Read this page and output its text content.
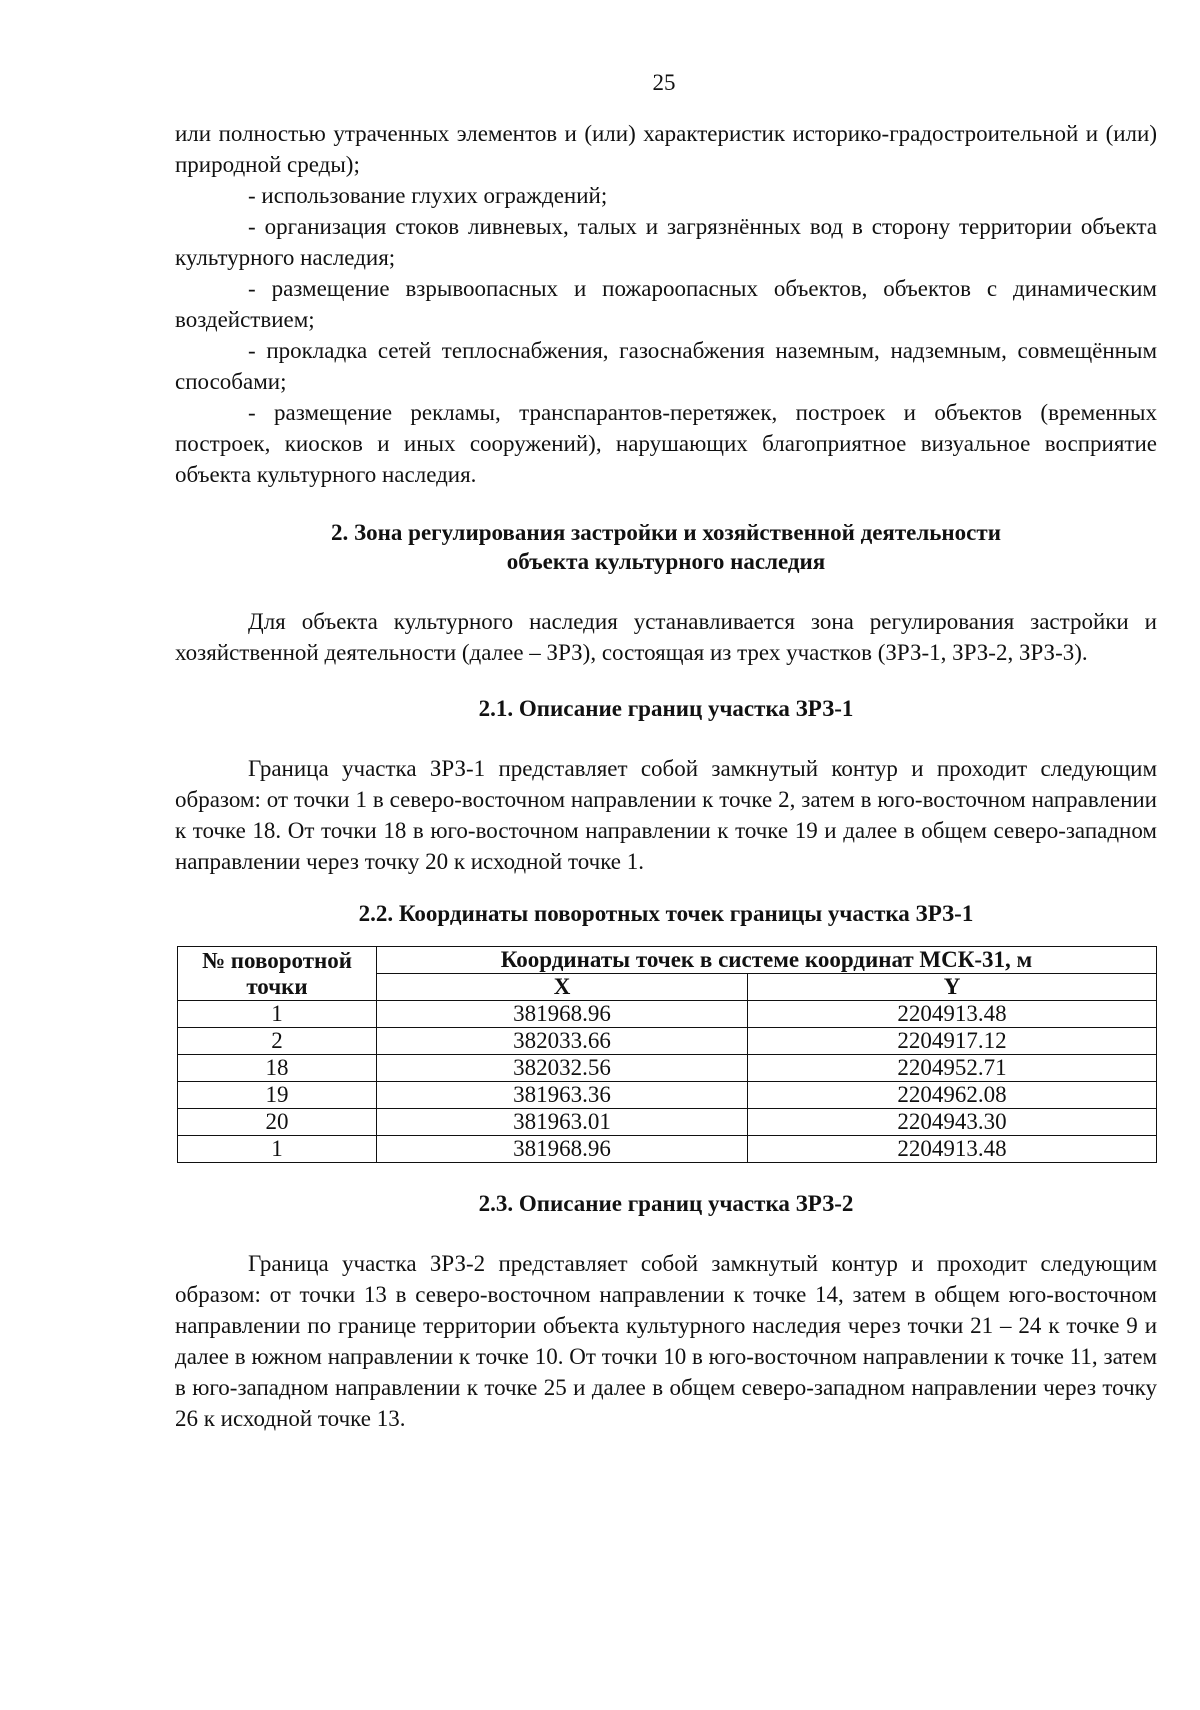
25

или полностью утраченных элементов и (или) характеристик историко-градостроительной и (или) природной среды);

- использование глухих ограждений;

- организация стоков ливневых, талых и загрязнённых вод в сторону территории объекта культурного наследия;

- размещение взрывоопасных и пожароопасных объектов, объектов с динамическим воздействием;

- прокладка сетей теплоснабжения, газоснабжения наземным, надземным, совмещённым способами;

- размещение рекламы, транспарантов-перетяжек, построек и объектов (временных построек, киосков и иных сооружений), нарушающих благоприятное визуальное восприятие объекта культурного наследия.

2. Зона регулирования застройки и хозяйственной деятельности
объекта культурного наследия

Для объекта культурного наследия устанавливается зона регулирования застройки и хозяйственной деятельности (далее – ЗРЗ), состоящая из трех участков (ЗРЗ-1, ЗРЗ-2, ЗРЗ-3).

2.1. Описание границ участка ЗРЗ-1

Граница участка ЗРЗ-1 представляет собой замкнутый контур и проходит следующим образом: от точки 1 в северо-восточном направлении к точке 2, затем в юго-восточном направлении к точке 18. От точки 18 в юго-восточном направлении к точке 19 и далее в общем северо-западном направлении через точку 20 к исходной точке 1.

2.2. Координаты поворотных точек границы участка ЗРЗ-1
№ поворотной точки	Координаты точек в системе координат МСК-31, м	
	X	Y
1	381968.96	2204913.48
2	382033.66	2204917.12
18	382032.56	2204952.71
19	381963.36	2204962.08
20	381963.01	2204943.30
1	381968.96	2204913.48
2.3. Описание границ участка ЗРЗ-2

Граница участка ЗРЗ-2 представляет собой замкнутый контур и проходит следующим образом: от точки 13 в северо-восточном направлении к точке 14, затем в общем юго-восточном направлении по границе территории объекта культурного наследия через точки 21 – 24 к точке 9 и далее в южном направлении к точке 10. От точки 10 в юго-восточном направлении к точке 11, затем в юго-западном направлении к точке 25 и далее в общем северо-западном направлении через точку 26 к исходной точке 13.
